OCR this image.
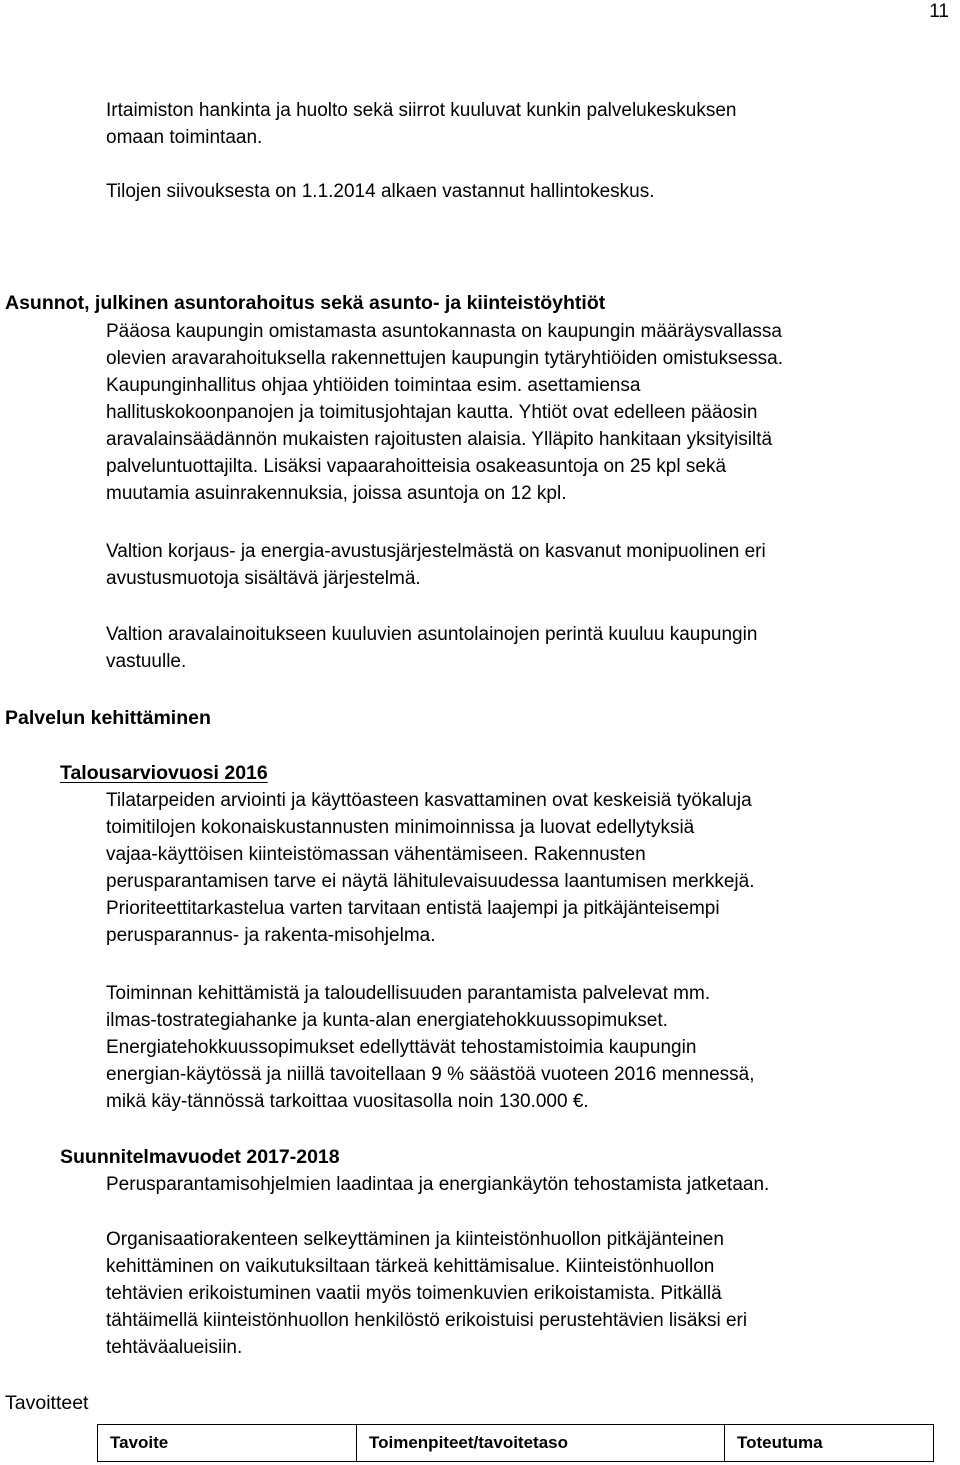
11
Irtaimiston hankinta ja huolto sekä siirrot kuuluvat kunkin palvelukeskuksen
omaan toimintaan.
Tilojen siivouksesta on 1.1.2014 alkaen vastannut hallintokeskus.
Asunnot, julkinen asuntorahoitus sekä asunto- ja kiinteistöyhtiöt
Pääosa kaupungin omistamasta asuntokannasta on kaupungin määräysvallassa
olevien aravarahoituksella rakennettujen kaupungin tytäryhtiöiden omistuksessa.
Kaupunginhallitus ohjaa yhtiöiden toimintaa esim. asettamiensa
hallituskokoonpanojen ja toimitusjohtajan kautta. Yhtiöt ovat edelleen pääosin
aravalainsäädännön mukaisten rajoitusten alaisia. Ylläpito hankitaan yksityisiltä
palveluntuottajilta. Lisäksi vapaarahoitteisia osakeasuntoja on 25 kpl sekä
muutamia asuinrakennuksia, joissa asuntoja on 12 kpl.
Valtion korjaus- ja energia-avustusjärjestelmästä on kasvanut monipuolinen eri
avustusmuotoja sisältävä järjestelmä.
Valtion aravalainoitukseen kuuluvien asuntolainojen perintä kuuluu kaupungin
vastuulle.
Palvelun kehittäminen
Talousarviovuosi 2016
Tilatarpeiden arviointi ja käyttöasteen kasvattaminen ovat keskeisiä työkaluja
toimitilojen kokonaiskustannusten minimoinnissa ja luovat edellytyksiä
vajaa-käyttöisen kiinteistömassan vähentämiseen. Rakennusten
perusparantamisen tarve ei näytä lähitulevaisuudessa laantumisen merkkejä.
Prioriteettitarkastelua varten tarvitaan entistä laajempi ja pitkäjänteisempi
perusparannus- ja rakenta-misohjelma.
Toiminnan kehittämistä ja taloudellisuuden parantamista palvelevat mm.
ilmas-tostrategiahanke ja kunta-alan energiatehokkuussopimukset.
Energiatehokkuussopimukset edellyttävät tehostamistoimia kaupungin
energian-käytössä ja niillä tavoitellaan 9 % säästöä vuoteen 2016 mennessä,
mikä käy-tännössä tarkoittaa vuositasolla noin 130.000 €.
Suunnitelmavuodet 2017-2018
Perusparantamisohjelmien laadintaa ja energiankäytön tehostamista jatketaan.
Organisaatiorakenteen selkeyttäminen ja kiinteistönhuollon pitkäjänteinen
kehittäminen on vaikutuksiltaan tärkeä kehittämisalue. Kiinteistönhuollon
tehtävien erikoistuminen vaatii myös toimenkuvien erikoistamista. Pitkällä
tähtäimellä kiinteistönhuollon henkilöstö erikoistuisi perustehtävien lisäksi eri
tehtäväalueisiin.
Tavoitteet
Tavoite	Toimenpiteet/tavoitetaso	Toteutuma
